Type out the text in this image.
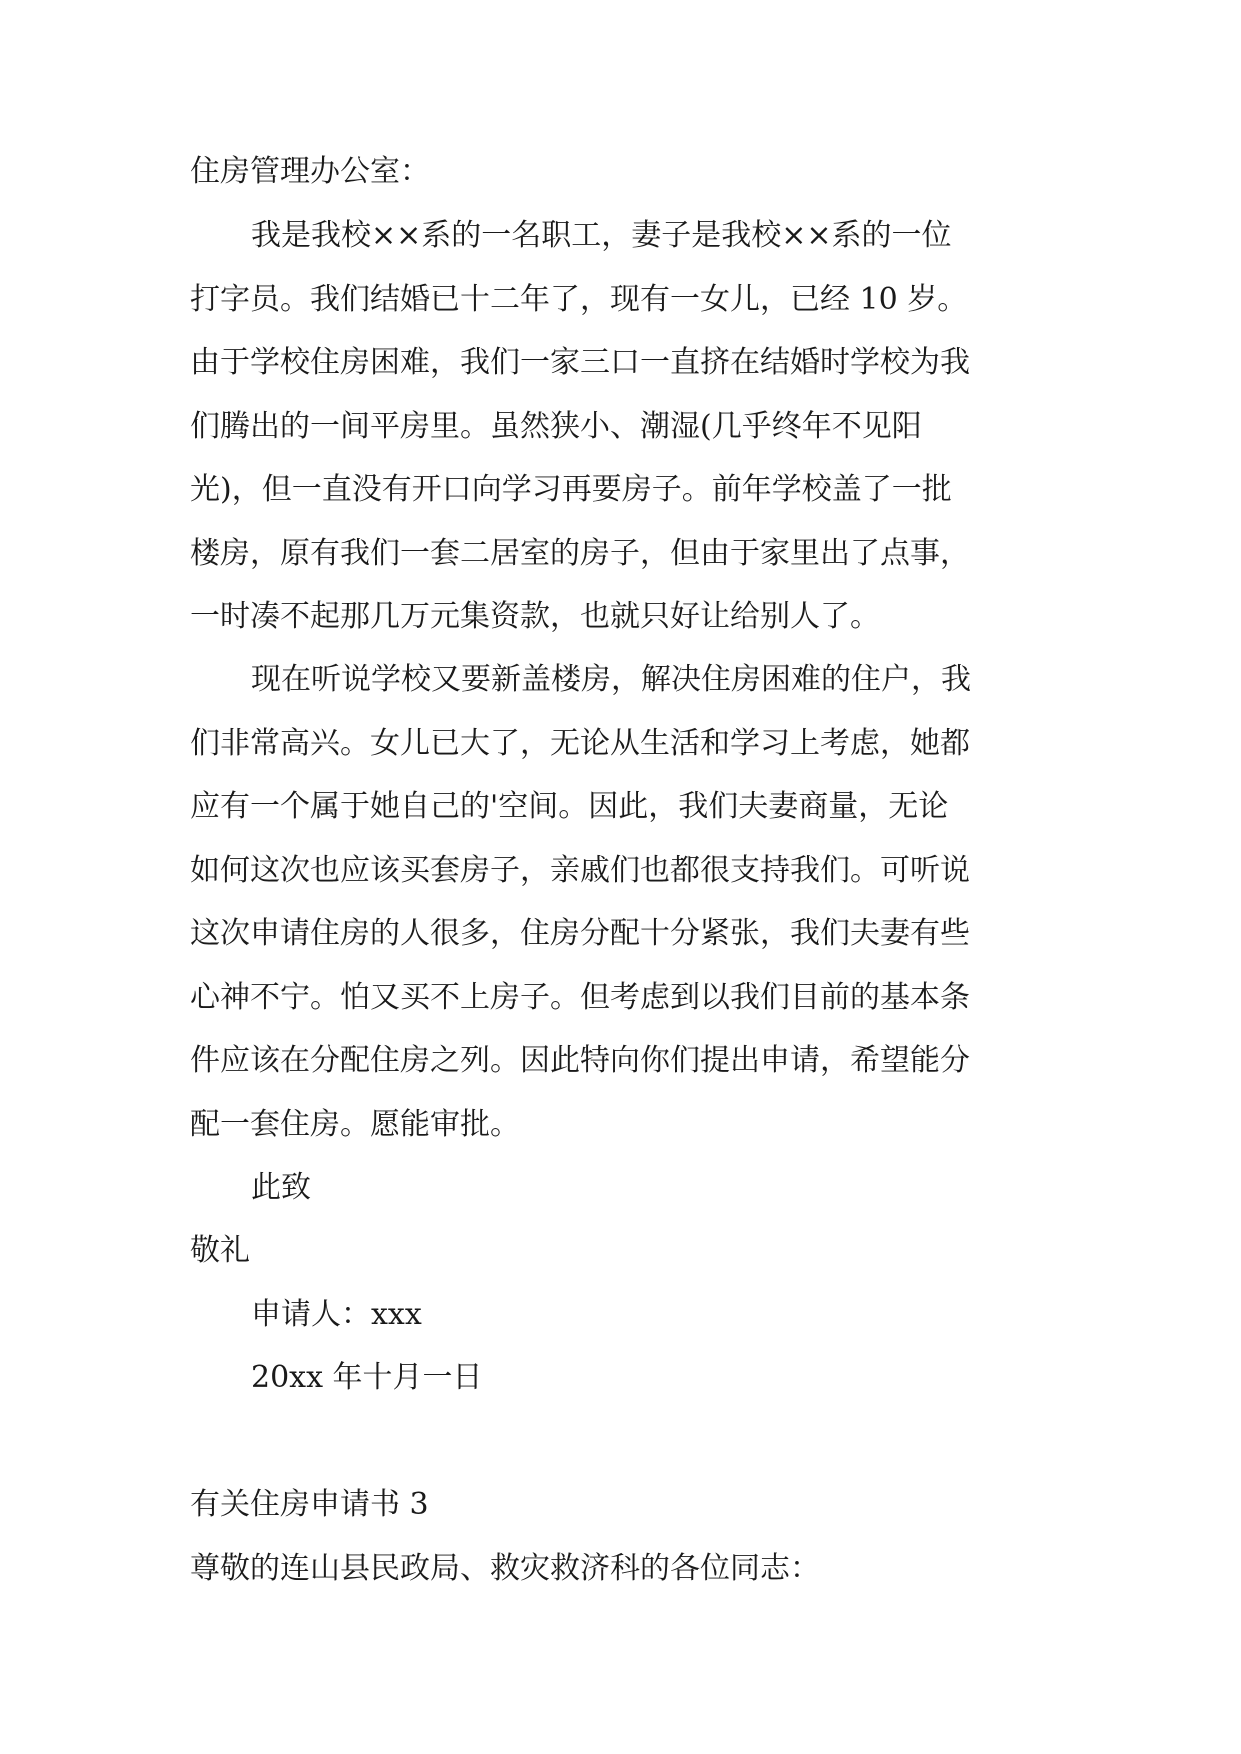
住房管理办公室：
我是我校××系的一名职工，妻子是我校××系的一位
打字员。我们结婚已十二年了，现有一女儿，已经 10 岁。
由于学校住房困难，我们一家三口一直挤在结婚时学校为我
们腾出的一间平房里。虽然狭小、潮湿(几乎终年不见阳
光)，但一直没有开口向学习再要房子。前年学校盖了一批
楼房，原有我们一套二居室的房子，但由于家里出了点事，
一时凑不起那几万元集资款，也就只好让给别人了。
现在听说学校又要新盖楼房，解决住房困难的住户，我
们非常高兴。女儿已大了，无论从生活和学习上考虑，她都
应有一个属于她自己的'空间。因此，我们夫妻商量，无论
如何这次也应该买套房子，亲戚们也都很支持我们。可听说
这次申请住房的人很多，住房分配十分紧张，我们夫妻有些
心神不宁。怕又买不上房子。但考虑到以我们目前的基本条
件应该在分配住房之列。因此特向你们提出申请，希望能分
配一套住房。愿能审批。
此致
敬礼
申请人：xxx
20xx 年十月一日
有关住房申请书 3
尊敬的连山县民政局、救灾救济科的各位同志：
